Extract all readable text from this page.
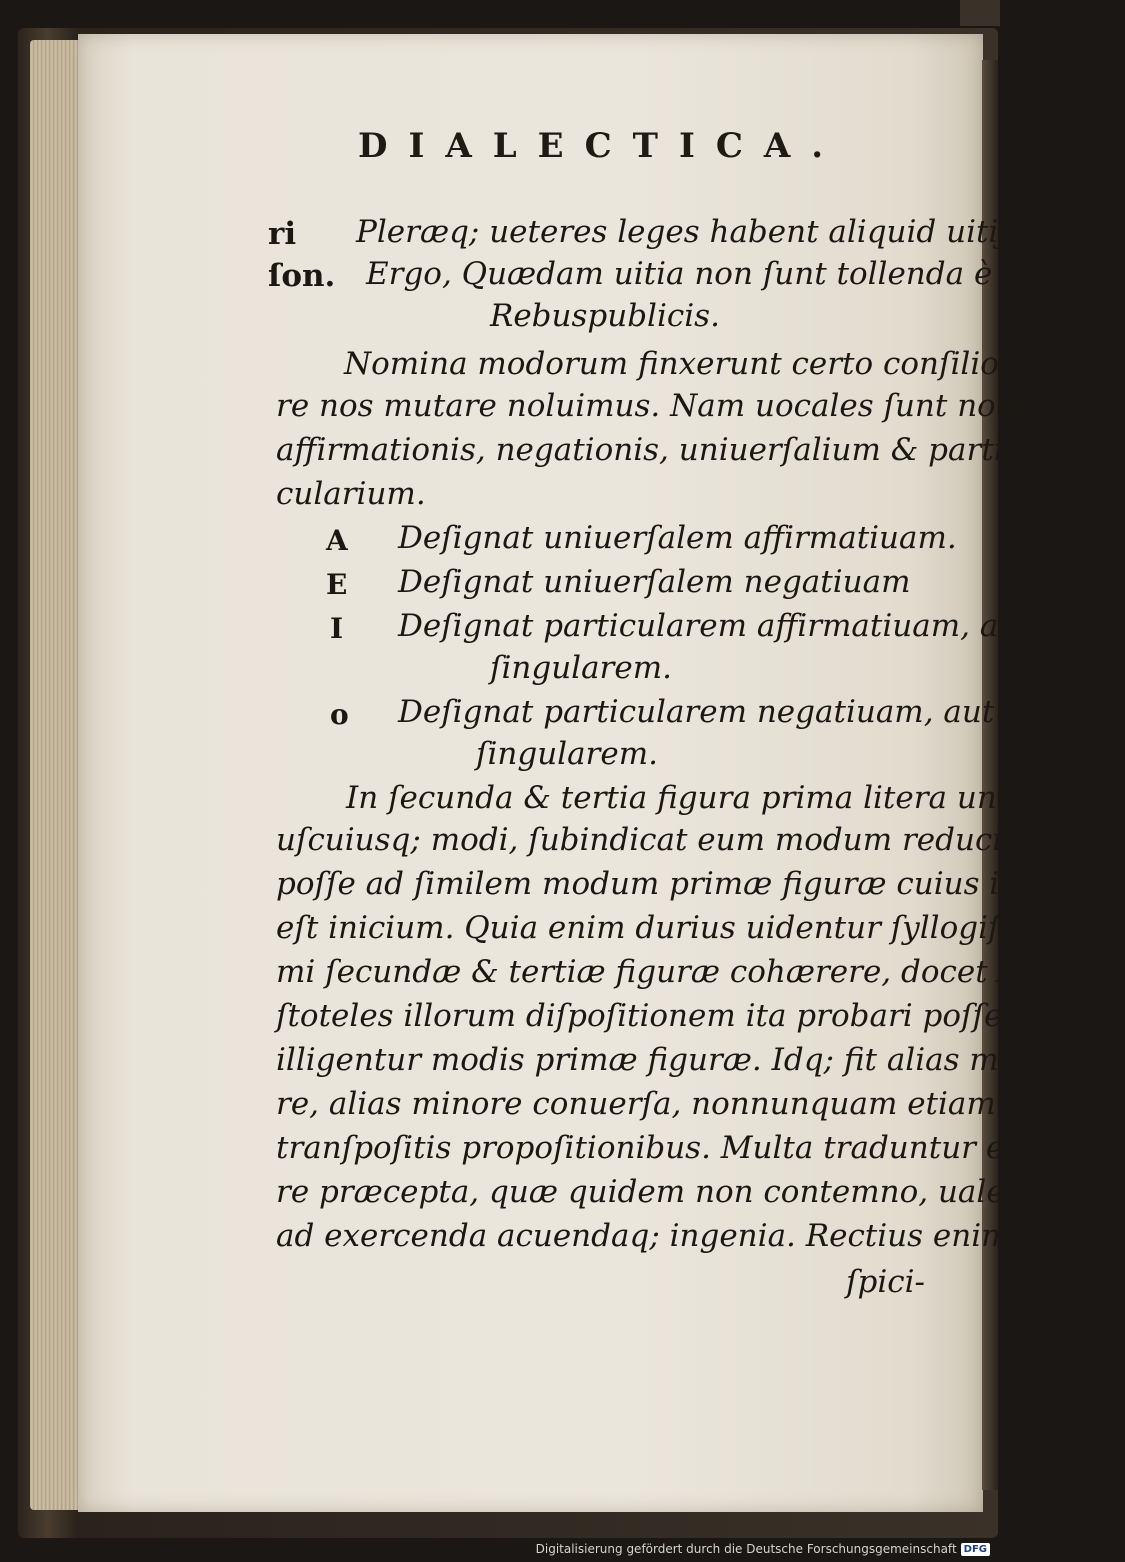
DIALECTICA.
ri
ſon.
Pleræq; ueteres leges habent aliquid uitij,
Ergo, Quædam uitia non ſunt tollenda è
Rebuspublicis.
Nomina modorum finxerunt certo conſilio, qua
re nos mutare noluimus. Nam uocales ſunt notæ
affirmationis, negationis, uniuerſalium & parti
cularium.
A Deſignat uniuerſalem affirmatiuam.
E Deſignat uniuerſalem negatiuam
I Deſignat particularem affirmatiuam, aut
ſingularem.
o Deſignat particularem negatiuam, aut
ſingularem.
In ſecunda & tertia figura prima litera uni-
uſcuiusq; modi, ſubindicat eum modum reduci
poſſe ad ſimilem modum primæ figuræ cuius idem
eſt inicium. Quia enim durius uidentur ſyllogiſ-
mi ſecundæ & tertiæ figuræ cohærere, docet Ari-
ſtoteles illorum diſpoſitionem ita probari poſſe, ſi
illigentur modis primæ figuræ. Idq; fit alias maio-
re, alias minore conuerſa, nonnunquam etiam
tranſpoſitis propoſitionibus. Multa traduntur ea de
re præcepta, quæ quidem non contemno, ualent enim
ad exercenda acuendaq; ingenia. Rectius enim per
ſpici-
Digitalisierung gefördert durch die Deutsche Forschungsgemeinschaft DFG
